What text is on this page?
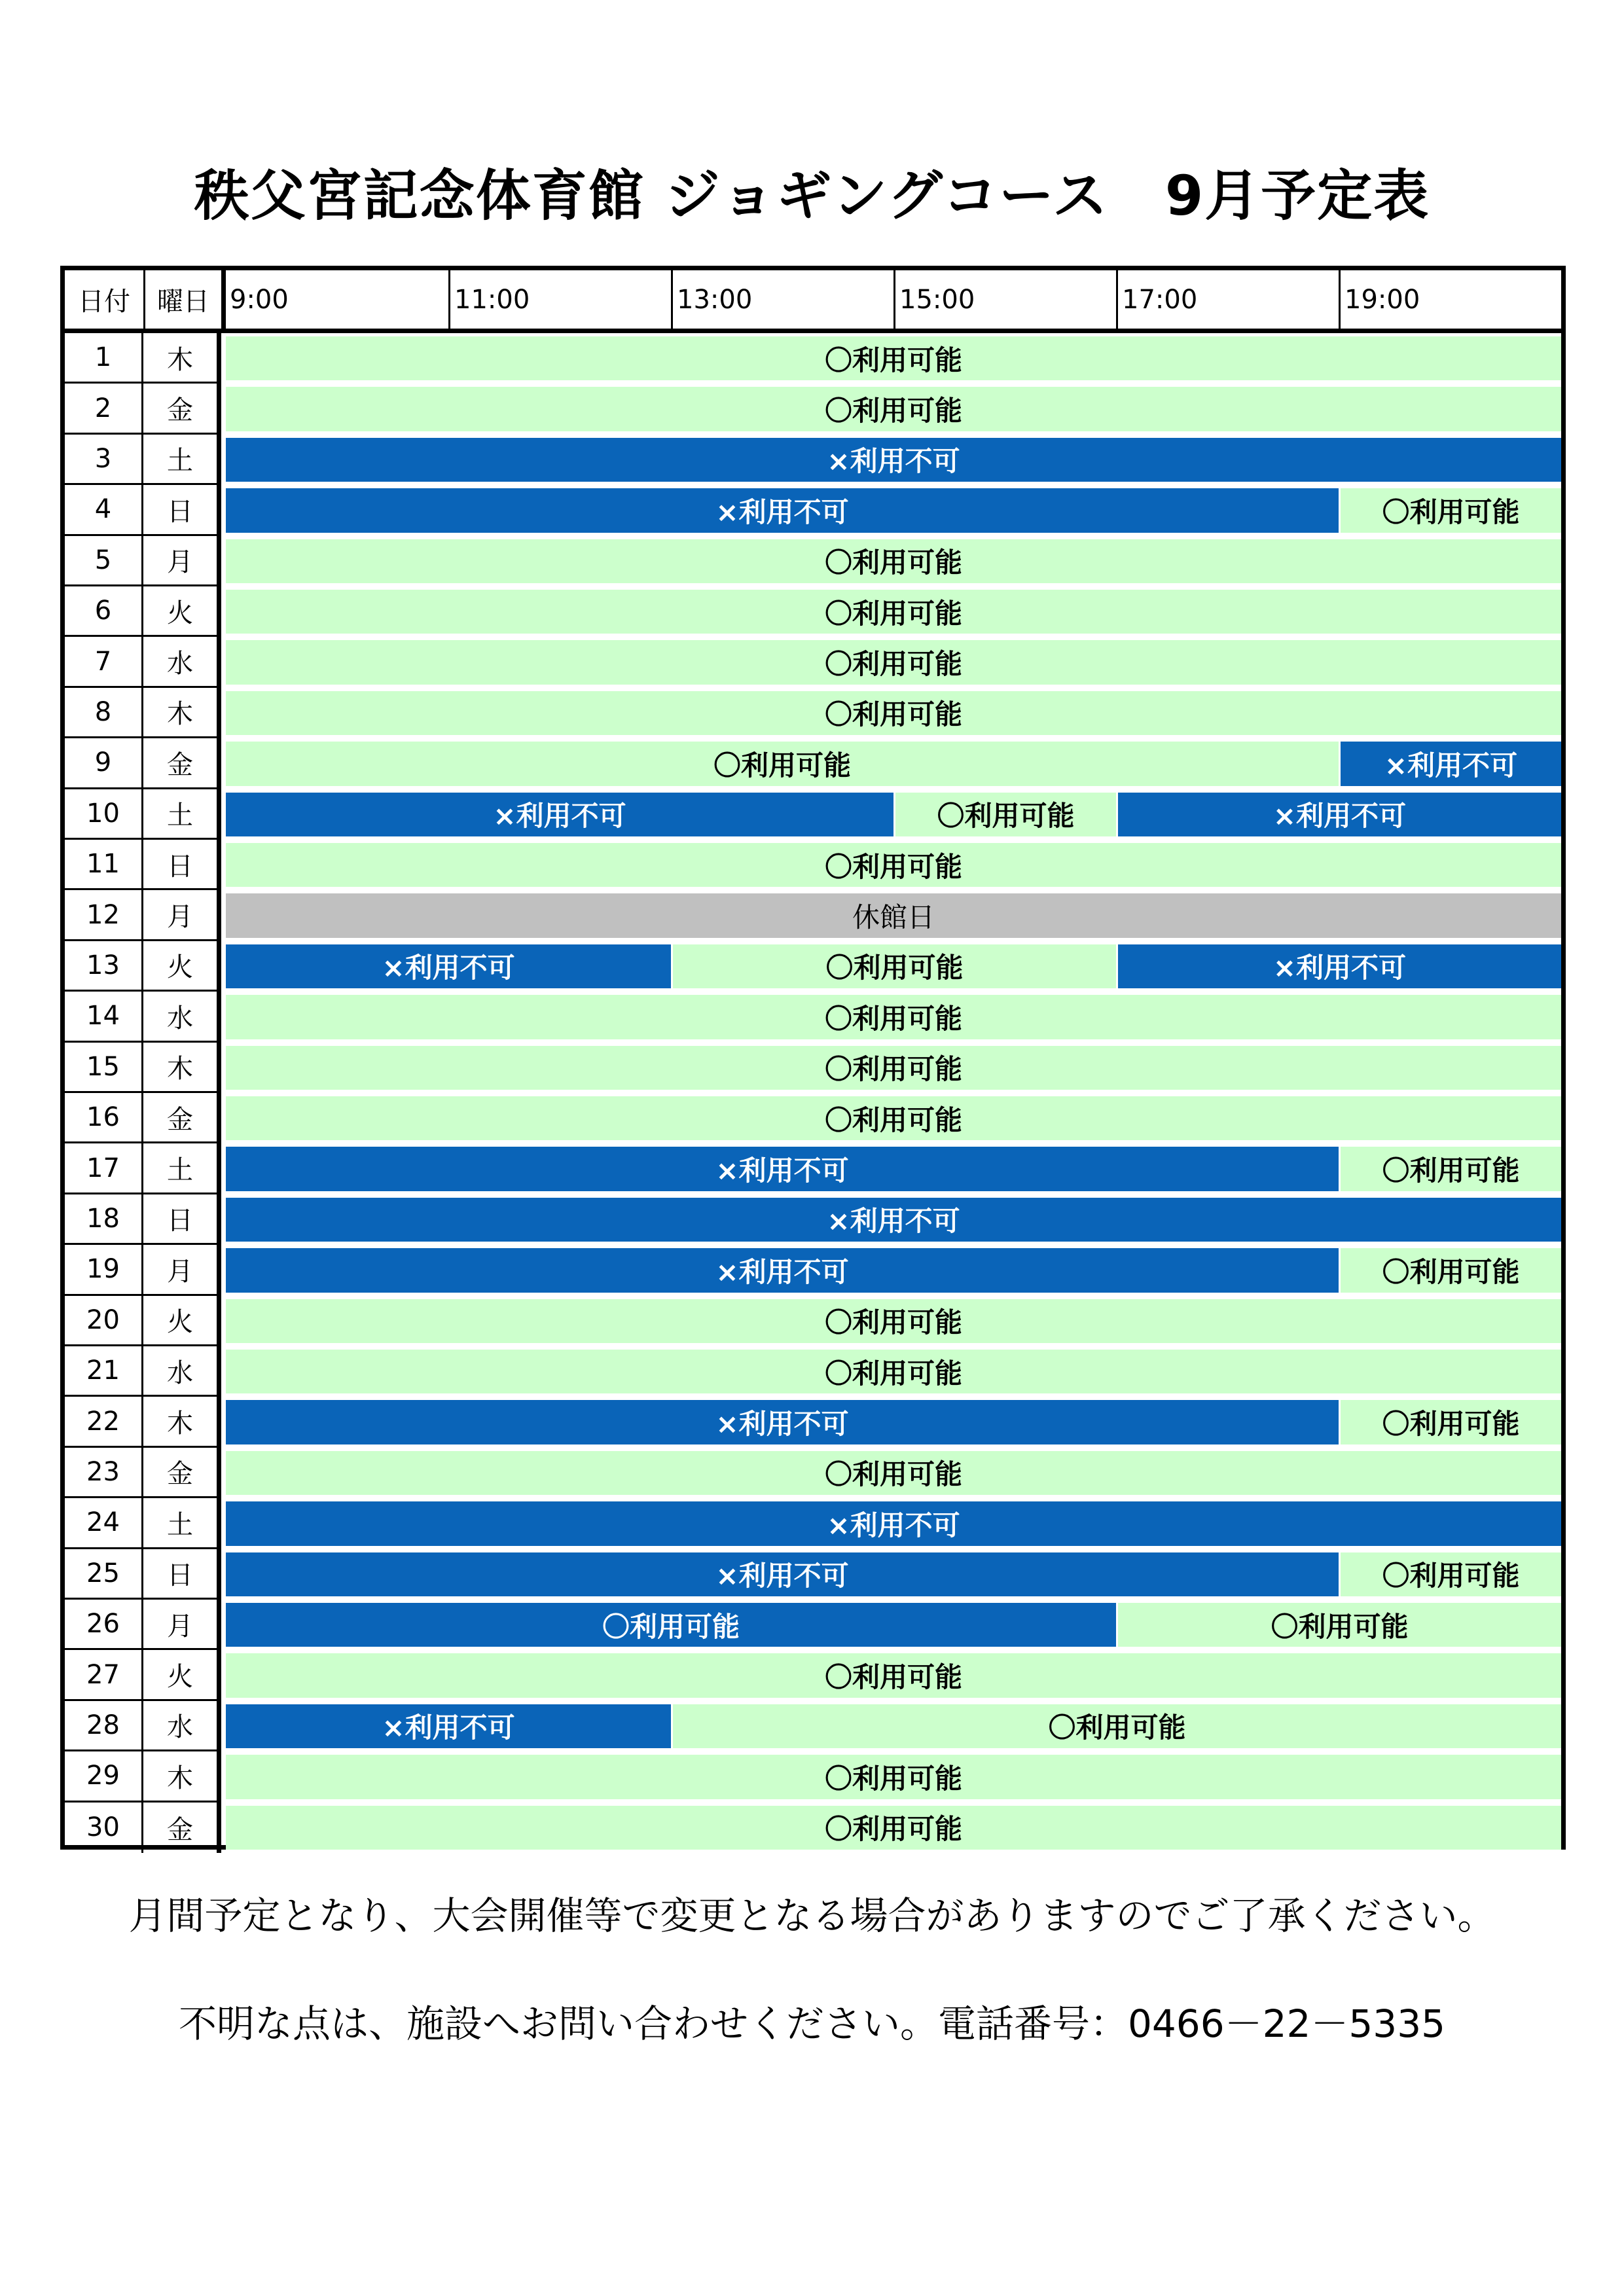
秩父宮記念体育館 ジョギングコース　9月予定表
日付	曜日 9:00	11:00	13:00	15:00	17:00	19:00
1	木	〇利用可能
2	金	〇利用可能
3	土	×利用不可
4	日	×利用不可	〇利用可能
5	月	〇利用可能
6	火	〇利用可能
7	水	〇利用可能
8	木	〇利用可能
9	金	〇利用可能	×利用不可
10	土	×利用不可	〇利用可能	×利用不可
11	日	〇利用可能
12	月	休館日
13	火	×利用不可	〇利用可能	×利用不可
14	水	〇利用可能
15	木	〇利用可能
16	金	〇利用可能
17	土	×利用不可	〇利用可能
18	日	×利用不可
19	月	×利用不可	〇利用可能
20	火	〇利用可能
21	水	〇利用可能
22	木	×利用不可	〇利用可能
23	金	〇利用可能
24	土	×利用不可
25	日	×利用不可	〇利用可能
26	月	〇利用可能	〇利用可能
27	火	〇利用可能
28	水	×利用不可	〇利用可能
29	木	〇利用可能
30	金	〇利用可能
月間予定となり、大会開催等で変更となる場合がありますのでご了承ください。
不明な点は、施設へお問い合わせください。電話番号：0466－22－5335
